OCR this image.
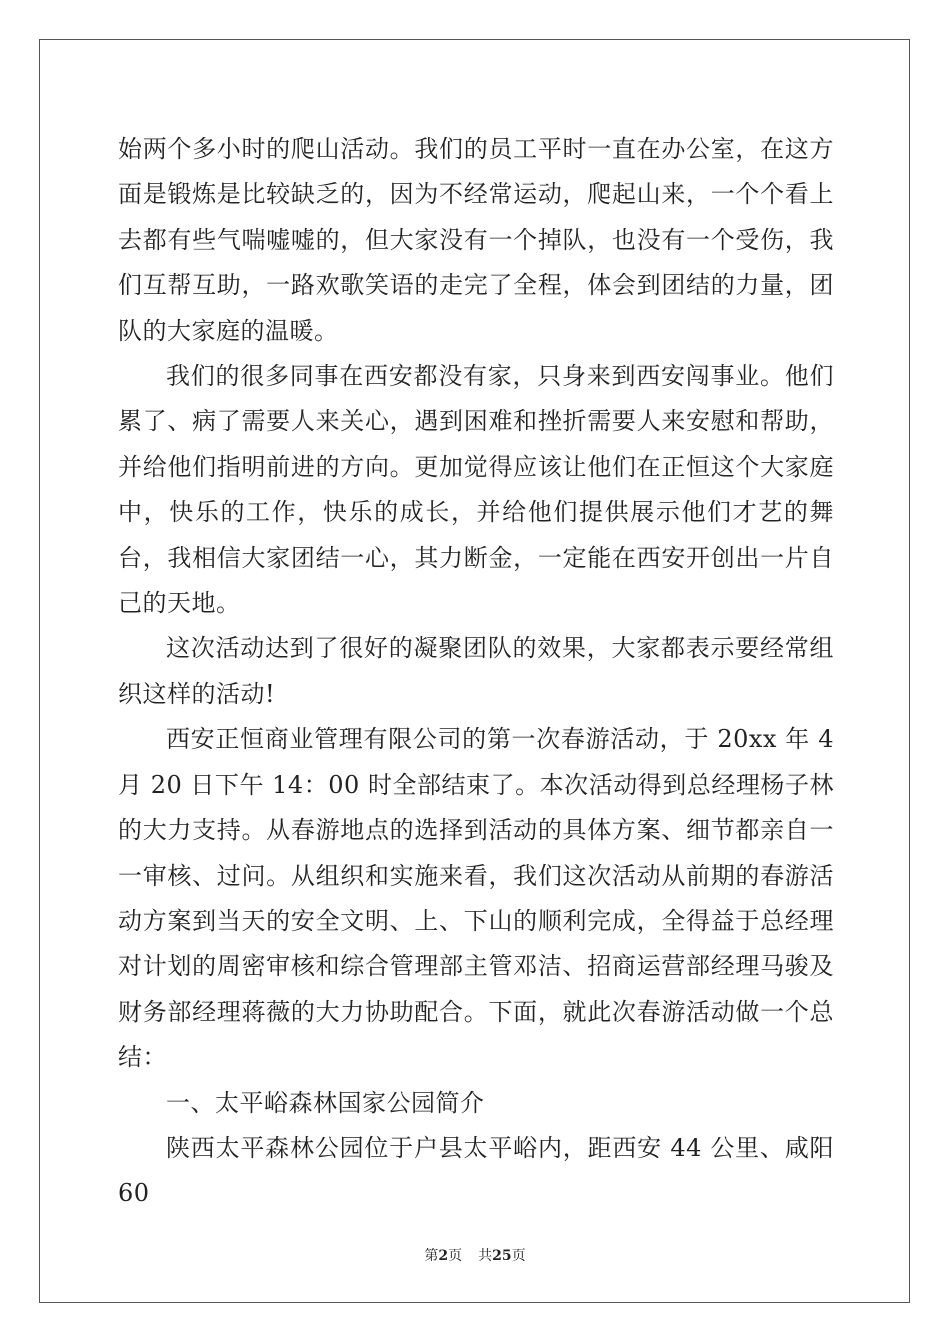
始两个多小时的爬山活动。我们的员工平时一直在办公室，在这方面是锻炼是比较缺乏的，因为不经常运动，爬起山来，一个个看上去都有些气喘嘘嘘的，但大家没有一个掉队，也没有一个受伤，我们互帮互助，一路欢歌笑语的走完了全程，体会到团结的力量，团队的大家庭的温暖。

我们的很多同事在西安都没有家，只身来到西安闯事业。他们累了、病了需要人来关心，遇到困难和挫折需要人来安慰和帮助，并给他们指明前进的方向。更加觉得应该让他们在正恒这个大家庭中，快乐的工作，快乐的成长，并给他们提供展示他们才艺的舞台，我相信大家团结一心，其力断金，一定能在西安开创出一片自己的天地。

这次活动达到了很好的凝聚团队的效果，大家都表示要经常组织这样的活动!

西安正恒商业管理有限公司的第一次春游活动，于 20xx 年 4 月 20 日下午 14：00 时全部结束了。本次活动得到总经理杨子林的大力支持。从春游地点的选择到活动的具体方案、细节都亲自一一审核、过问。从组织和实施来看，我们这次活动从前期的春游活动方案到当天的安全文明、上、下山的顺利完成，全得益于总经理对计划的周密审核和综合管理部主管邓洁、招商运营部经理马骏及财务部经理蒋薇的大力协助配合。下面，就此次春游活动做一个总结：

一、太平峪森林国家公园简介

陕西太平森林公园位于户县太平峪内，距西安 44 公里、咸阳 60

第2页 共25页
